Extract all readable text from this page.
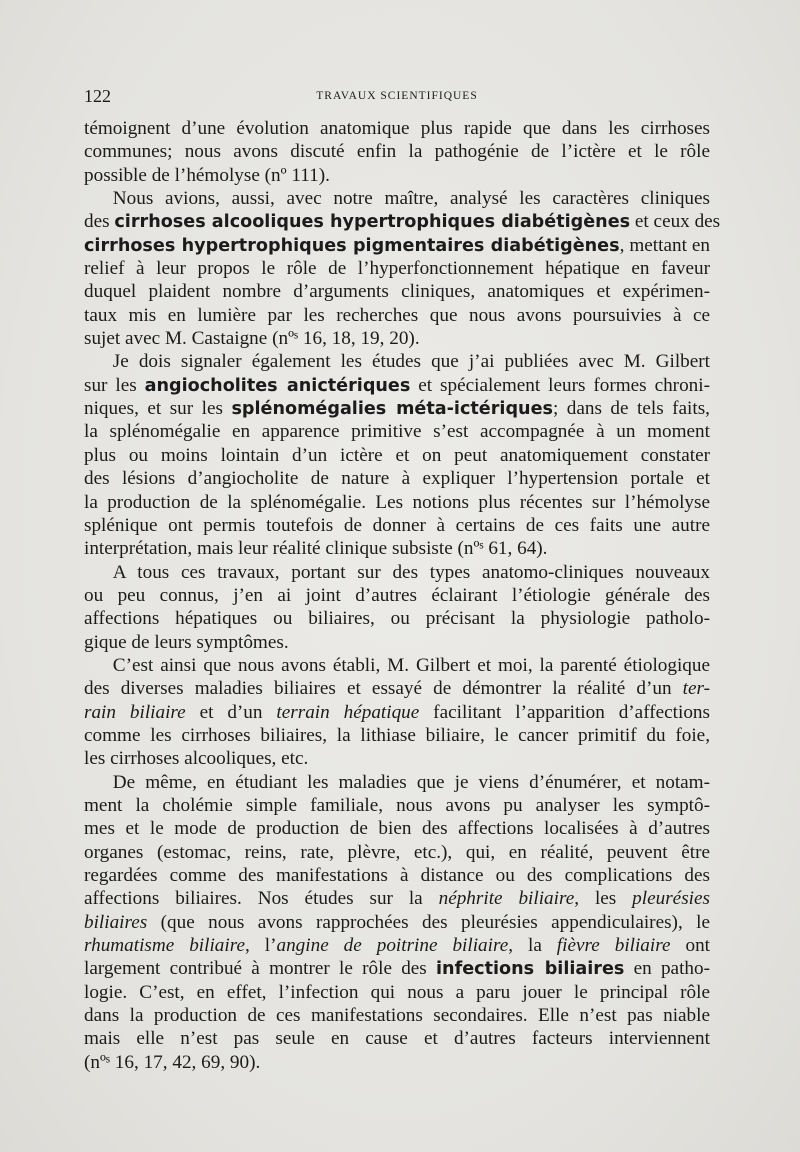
122	TRAVAUX SCIENTIFIQUES
témoignent d’une évolution anatomique plus rapide que dans les cirrhoses
communes; nous avons discuté enfin la pathogénie de l’ictère et le rôle
possible de l’hémolyse (nº 111).
  Nous avions, aussi, avec notre maître, analysé les caractères cliniques
des cirrhoses alcooliques hypertrophiques diabétigènes et ceux des
cirrhoses hypertrophiques pigmentaires diabétigènes, mettant en
relief à leur propos le rôle de l’hyperfonctionnement hépatique en faveur
duquel plaident nombre d’arguments cliniques, anatomiques et expérimen-
taux mis en lumière par les recherches que nous avons poursuivies à ce
sujet avec M. Castaigne (nºˢ 16, 18, 19, 20).
  Je dois signaler également les études que j’ai publiées avec M. Gilbert
sur les angiocholites anictériques et spécialement leurs formes chroni-
niques, et sur les splénomégalies méta-ictériques; dans de tels faits,
la splénomégalie en apparence primitive s’est accompagnée à un moment
plus ou moins lointain d’un ictère et on peut anatomiquement constater
des lésions d’angiocholite de nature à expliquer l’hypertension portale et
la production de la splénomégalie. Les notions plus récentes sur l’hémolyse
splénique ont permis toutefois de donner à certains de ces faits une autre
interprétation, mais leur réalité clinique subsiste (nºˢ 61, 64).
  A tous ces travaux, portant sur des types anatomo-cliniques nouveaux
ou peu connus, j’en ai joint d’autres éclairant l’étiologie générale des
affections hépatiques ou biliaires, ou précisant la physiologie patholo-
gique de leurs symptômes.
  C’est ainsi que nous avons établi, M. Gilbert et moi, la parenté étiologique
des diverses maladies biliaires et essayé de démontrer la réalité d’un ter-
rain biliaire et d’un terrain hépatique facilitant l’apparition d’affections
comme les cirrhoses biliaires, la lithiase biliaire, le cancer primitif du foie,
les cirrhoses alcooliques, etc.
  De même, en étudiant les maladies que je viens d’énumérer, et notam-
ment la cholémie simple familiale, nous avons pu analyser les symptô-
mes et le mode de production de bien des affections localisées à d’autres
organes (estomac, reins, rate, plèvre, etc.), qui, en réalité, peuvent être
regardées comme des manifestations à distance ou des complications des
affections biliaires. Nos études sur la néphrite biliaire, les pleurésies
biliaires (que nous avons rapprochées des pleurésies appendiculaires), le
rhumatisme biliaire, l’angine de poitrine biliaire, la fièvre biliaire ont
largement contribué à montrer le rôle des infections biliaires en patho-
logie. C’est, en effet, l’infection qui nous a paru jouer le principal rôle
dans la production de ces manifestations secondaires. Elle n’est pas niable
mais elle n’est pas seule en cause et d’autres facteurs interviennent
(nºˢ 16, 17, 42, 69, 90).
